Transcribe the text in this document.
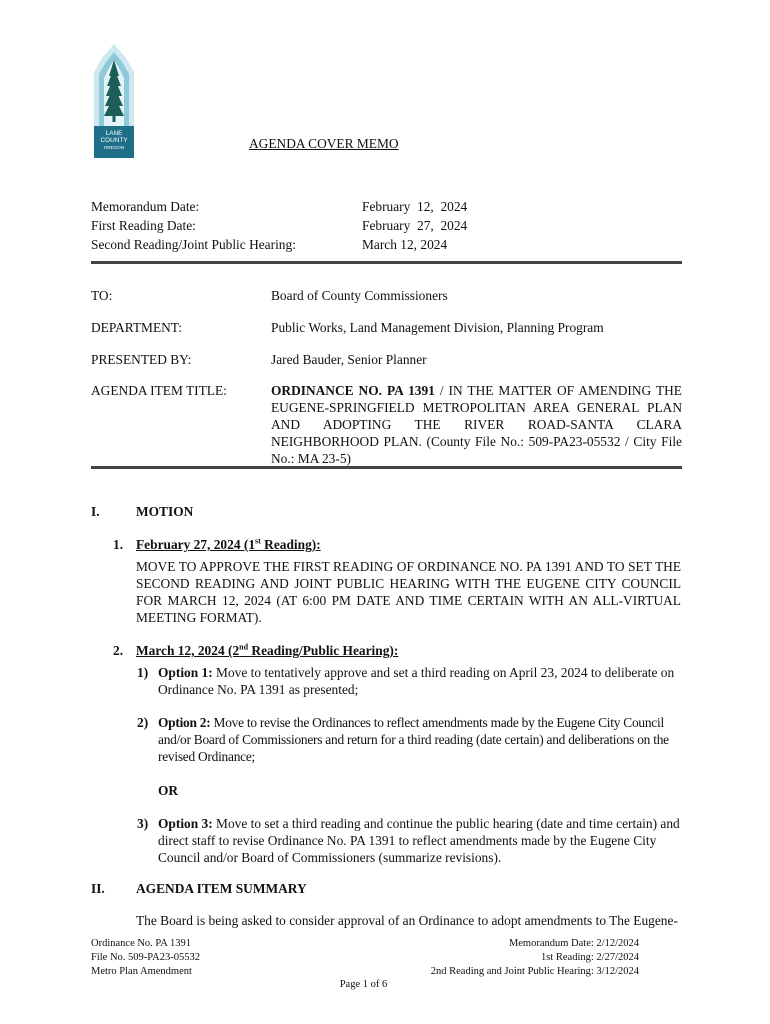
LANE
COUNTY
OREGON	AGENDA COVER MEMO
Memorandum Date:	February  12,  2024
First Reading Date:	February  27,  2024
Second Reading/Joint Public Hearing:	March 12, 2024
TO:	Board of County Commissioners
DEPARTMENT:	Public Works, Land Management Division, Planning Program
PRESENTED BY:	Jared Bauder, Senior Planner
AGENDA ITEM TITLE:	ORDINANCE NO. PA 1391 / IN THE MATTER OF AMENDING THE EUGENE-SPRINGFIELD METROPOLITAN AREA GENERAL PLAN AND ADOPTING THE RIVER ROAD-SANTA CLARA NEIGHBORHOOD PLAN. (County File No.: 509-PA23-05532 / City File No.: MA 23-5)
I.	MOTION
1. February 27, 2024 (1st Reading):
MOVE TO APPROVE THE FIRST READING OF ORDINANCE NO. PA 1391 AND TO SET THE SECOND READING AND JOINT PUBLIC HEARING WITH THE EUGENE CITY COUNCIL FOR MARCH 12, 2024 (AT 6:00 PM DATE AND TIME CERTAIN WITH AN ALL-VIRTUAL MEETING FORMAT).
2. March 12, 2024 (2nd Reading/Public Hearing):
1) Option 1: Move to tentatively approve and set a third reading on April 23, 2024 to deliberate on Ordinance No. PA 1391 as presented;
2) Option 2: Move to revise the Ordinances to reflect amendments made by the Eugene City Council and/or Board of Commissioners and return for a third reading (date certain) and deliberations on the revised Ordinance;
OR
3) Option 3: Move to set a third reading and continue the public hearing (date and time certain) and direct staff to revise Ordinance No. PA 1391 to reflect amendments made by the Eugene City Council and/or Board of Commissioners (summarize revisions).
II. AGENDA ITEM SUMMARY
The Board is being asked to consider approval of an Ordinance to adopt amendments to The Eugene-
Ordinance No. PA 1391
File No. 509-PA23-05532
Metro Plan Amendment
Memorandum Date: 2/12/2024
1st Reading: 2/27/2024
2nd Reading and Joint Public Hearing: 3/12/2024
Page 1 of 6
